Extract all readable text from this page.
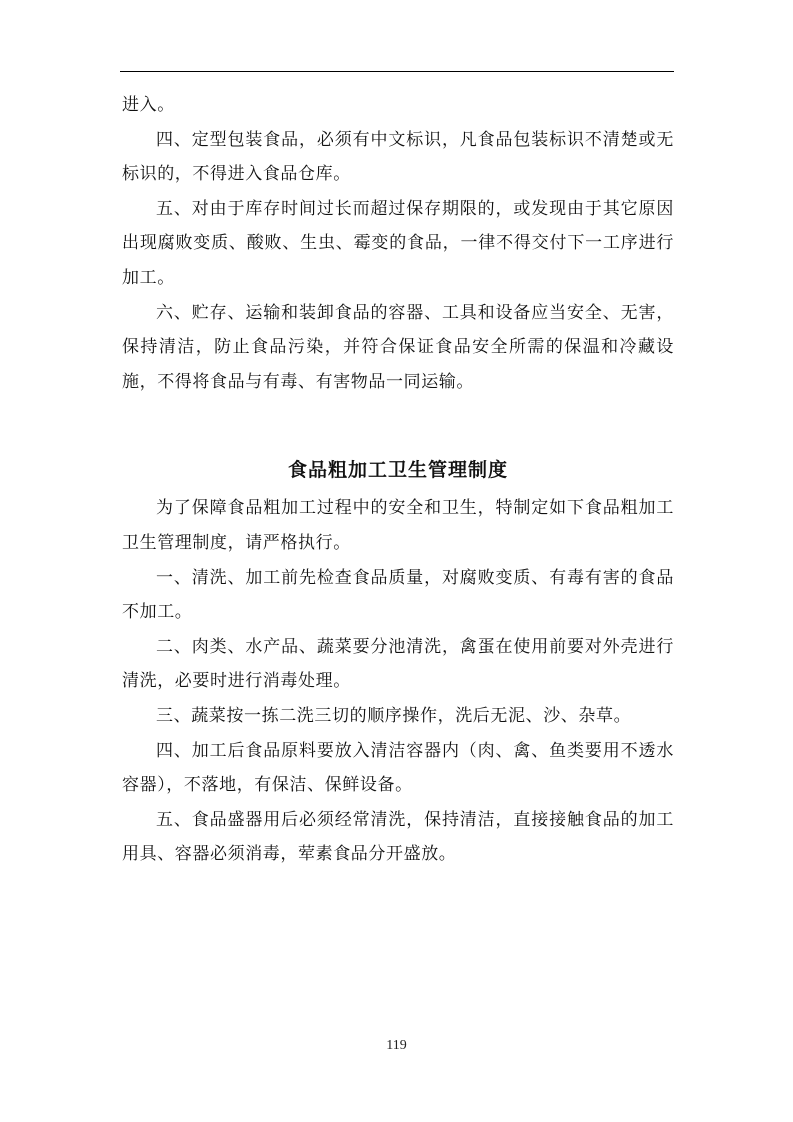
进入。

四、定型包装食品，必须有中文标识，凡食品包装标识不清楚或无标识的，不得进入食品仓库。

五、对由于库存时间过长而超过保存期限的，或发现由于其它原因出现腐败变质、酸败、生虫、霉变的食品，一律不得交付下一工序进行加工。

六、贮存、运输和装卸食品的容器、工具和设备应当安全、无害，保持清洁，防止食品污染，并符合保证食品安全所需的保温和冷藏设施，不得将食品与有毒、有害物品一同运输。

食品粗加工卫生管理制度

为了保障食品粗加工过程中的安全和卫生，特制定如下食品粗加工卫生管理制度，请严格执行。

一、清洗、加工前先检查食品质量，对腐败变质、有毒有害的食品不加工。

二、肉类、水产品、蔬菜要分池清洗，禽蛋在使用前要对外壳进行清洗，必要时进行消毒处理。

三、蔬菜按一拣二洗三切的顺序操作，洗后无泥、沙、杂草。

四、加工后食品原料要放入清洁容器内（肉、禽、鱼类要用不透水容器），不落地，有保洁、保鲜设备。

五、食品盛器用后必须经常清洗，保持清洁，直接接触食品的加工用具、容器必须消毒，荤素食品分开盛放。

119
